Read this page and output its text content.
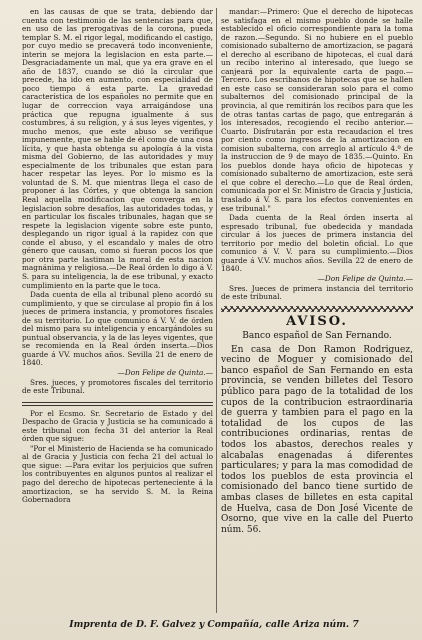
en las causas de que se trata, debiendo dar cuenta con testimonio de las sentencias para que, en uso de las prerogativas de la corona, pueda templar S. M. el rigor legal, modificando el castigo, por cuyo medio se precaverá todo inconveniente, interin se mejora la legislacion en esta parte.—Desgraciadamente un mal, que ya era grave en el año de 1837, cuando se dió la circular que precede, ha ido en aumento, con especialidad de poco tiempo á esta parte. La gravedad característica de los españoles no permite que en lugar de correccion vaya arraigándose una práctica que repugna igualmente á sus costumbres, á su religion, y á sus leyes vigentes, y mucho menos, que este abuso se verifique impunemente, que se hable de él como de una cosa lícita, y que hasta obtenga su apología á la vista misma del Gobierno, de las autoridades y muy especialmente de los tribunales que estan para hacer respetar las leyes. Por lo mismo es la voluntad de S. M. que mientras llega el caso de proponer á las Córtes, y que obtenga la sancion Real aquella modificacion que converga en la legislacion sobre desafíos, las autoridades todas, y en particular los fiscales tribunales, hagan que se respete la legislacion vigente sobre este punto, desplegando un rigor igual á la rapidez con que conde el abuso, y el escandalo y males de otro género que causan, como si fueran pocos los que por otra parte lastiman la moral de esta nacion magnánima y religiosa.—De Real órden lo digo á V. S. para su inteligencia, la de ese tribunal, y exacto cumplimiento en la parte que le toca.

Dada cuenta de ella al tribunal pleno acordó su cumplimiento, y que se circulase al propio fin á los jueces de primera instancia, y promotores fiscales de su territorio. Lo que comunico á V. V. de órden del mismo para su inteligencia y encargándoles su puntual observancia, y la de las leyes vigentes, que se recomienda en la Real órden inserta.—Dios guarde á VV. muchos años. Sevilla 21 de enero de 1840.

—Don Felipe de Quinta.—

Sres. jueces, y promotores fiscales del territorio de este Tribunal.

Por el Ecsmo. Sr. Secretario de Estado y del Despacho de Gracia y Justicia se ha comunicado á este tribunal con fecha 31 del anterior la Real órden que sigue:

"Por el Ministerio de Hacienda se ha comunicado al de Gracia y Justicia con fecha 21 del actual lo que sigue: —Para evitar los perjuicios que sufren los contribuyentes en algunos puntos al realizar el pago del derecho de hipotecas perteneciente á la amortizacion, se ha servido S. M. la Reina Gobernadora

mandar:—Primero: Que el derecho de hipotecas se satisfaga en el mismo pueblo donde se halle establecido el oficio correspondiente para la toma de razon.—Segundo. Si no hubiere en el pueblo comisionado subalterno de amortizacion, se pagará el derecho al escribano de hipotecas, el cual dará un recibo interino al interesado, que luego se canjeará por la equivalente carta de pago.—Tercero. Los escribanos de hipotecas que se hallen en este caso se consideraran solo para el como subalternos del comisionado principal de la provincia, al que remitirán los recibos para que les de otras tantas cartas de pago, que entregarán á los interesados, recogiendo el recibo anterior.—Cuarto. Disfrutarán por esta recaudacion el tres por ciento como ingresos de la amortizacion en comision subalterna, con arreglo al artículo 4.º de la instruccion de 9 de mayo de 1835.—Quinto. En los pueblos donde haya oficio de hipotecas y comisionado subalterno de amortizacion, este será el que cobre el derecho.—Lo que de Real órden, comunicada por el Sr. Ministro de Gracia y Justicia, traslado á V. S. para los efectos convenientes en ese tribunal."

Dada cuenta de la Real órden inserta al espresado tribunal, fue obedecida y mandada circular á los jueces de primera instancia del territorio por medio del boletin oficial. Lo que comunico á V. V. para su cumplimiento.—Dios guarde á V.V. muchos años. Sevilla 22 de enero de 1840.

—Don Felipe de Quinta.—

Sres. Jueces de primera instancia del territorio de este tribunal.

AVISO.
Banco español de San Fernando.

En casa de Don Ramon Rodriguez, vecino de Moguer y comisionado del banco español de San Fernando en esta provincia, se venden billetes del Tesoro público para pago de la totalidad de los cupos de la contribucion estraordinaria de guerra y tambien para el pago en la totalidad de los cupos de las contribuciones ordinarias, rentas de todos los abastos, derechos reales y alcabalas enagenadas á diferentes particulares; y para la mas comodidad de todos los pueblos de esta provincia el comisionado del banco tiene surtido de ambas clases de billetes en esta capital de Huelva, casa de Don José Vicente de Osorno, que vive en la calle del Puerto núm. 56.

Imprenta de D. F. Galvez y Compañía, calle Ariza núm. 7
